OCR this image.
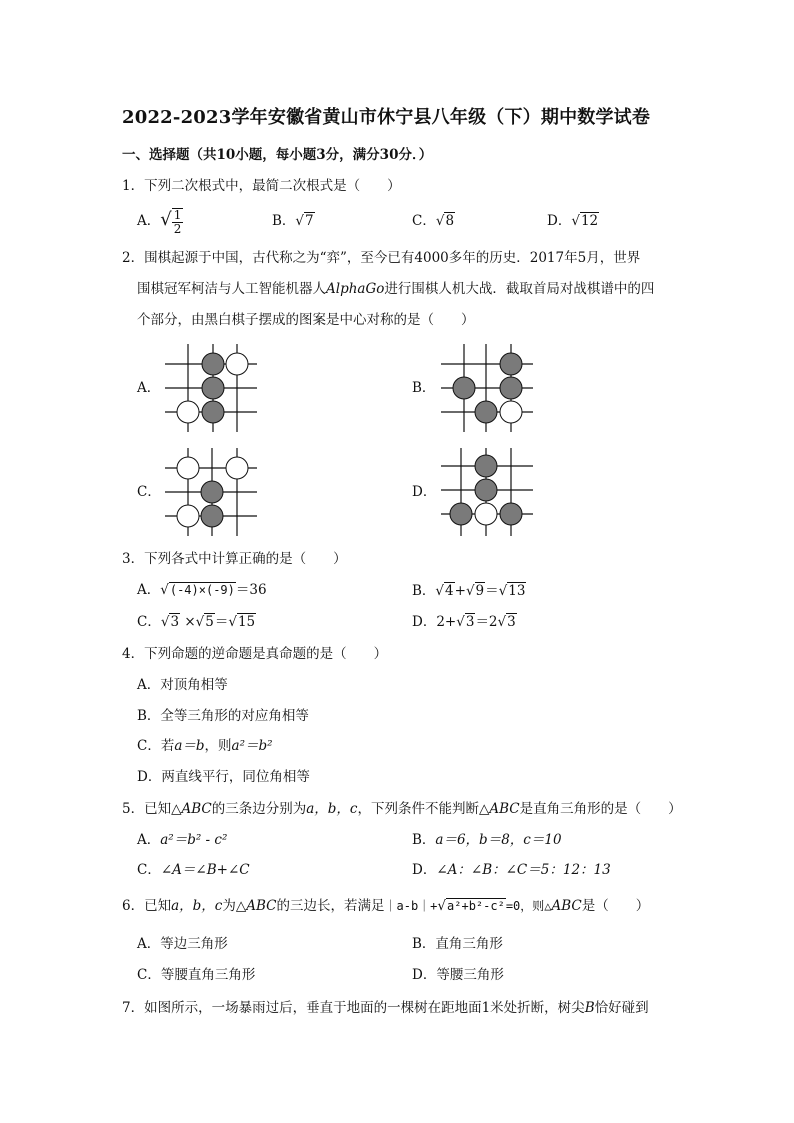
2022-2023学年安徽省黄山市休宁县八年级（下）期中数学试卷
一、选择题（共10小题，每小题3分，满分30分．）
1．下列二次根式中，最简二次根式是（　　）
A．√ $\frac{1}{2}$	B．√7	C．√8	D．√12
2．围棋起源于中国，古代称之为“弈”，至今已有4000多年的历史．2017年5月，世界
围棋冠军柯洁与人工智能机器人AlphaGo进行围棋人机大战．截取首局对战棋谱中的四
个部分，由黑白棋子摆成的图案是中心对称的是（　　）
A．	B．
C．	D．
3．下列各式中计算正确的是（　　）
A．√(-4)×(-9)＝36	B．√4+√9＝√13
C．√3 ×√5＝√15	D．2+√3＝2√3
4．下列命题的逆命题是真命题的是（　　）
A．对顶角相等
B．全等三角形的对应角相等
C．若a＝b，则a²＝b²
D．两直线平行，同位角相等
5．已知△ABC的三条边分别为a，b，c，下列条件不能判断△ABC是直角三角形的是（　　）
A．a²＝b² - c²	B．a＝6，b＝8，c＝10
C．∠A＝∠B+∠C	D．∠A：∠B：∠C＝5：12：13
6．已知a，b，c为△ABC的三边长，若满足｜a-b｜+√a²+b²-c²=0，则△ABC是（　　）
A．等边三角形	B．直角三角形
C．等腰直角三角形	D．等腰三角形
7．如图所示，一场暴雨过后，垂直于地面的一棵树在距地面1米处折断，树尖B恰好碰到
